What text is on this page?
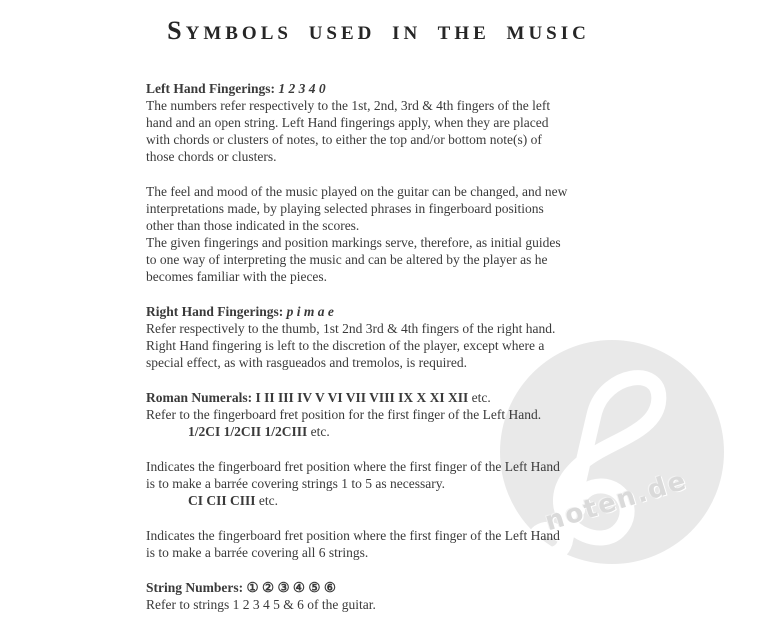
noten.de
SYMBOLS USED IN THE MUSIC
Left Hand Fingerings: 1 2 3 4 0
The numbers refer respectively to the 1st, 2nd, 3rd & 4th fingers of the left
hand and an open string. Left Hand fingerings apply, when they are placed
with chords or clusters of notes, to either the top and/or bottom note(s) of
those chords or clusters.
The feel and mood of the music played on the guitar can be changed, and new
interpretations made, by playing selected phrases in fingerboard positions
other than those indicated in the scores.
The given fingerings and position markings serve, therefore, as initial guides
to one way of interpreting the music and can be altered by the player as he
becomes familiar with the pieces.
Right Hand Fingerings: p i m a e
Refer respectively to the thumb, 1st 2nd 3rd & 4th fingers of the right hand.
Right Hand fingering is left to the discretion of the player, except where a
special effect, as with rasgueados and tremolos, is required.
Roman Numerals: I II III IV V VI VII VIII IX X XI XII etc.
Refer to the fingerboard fret position for the first finger of the Left Hand.
1/2CI 1/2CII 1/2CIII etc.
Indicates the fingerboard fret position where the first finger of the Left Hand
is to make a barrée covering strings 1 to 5 as necessary.
CI CII CIII etc.
Indicates the fingerboard fret position where the first finger of the Left Hand
is to make a barrée covering all 6 strings.
String Numbers: ① ② ③ ④ ⑤ ⑥
Refer to strings 1 2 3 4 5 & 6 of the guitar.
